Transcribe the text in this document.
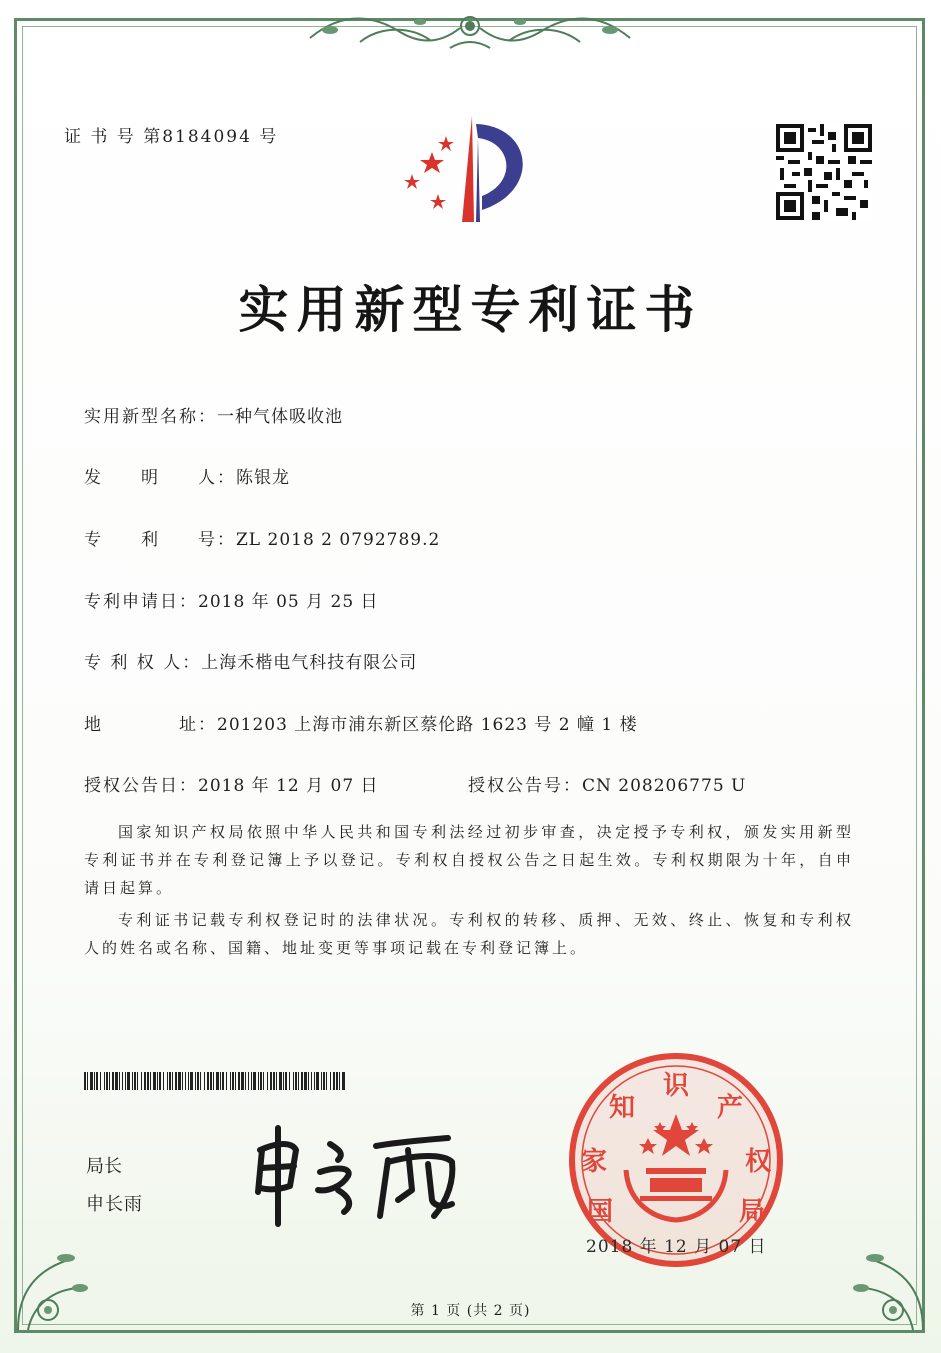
证 书 号 第8184094 号
实用新型专利证书
实用新型名称：一种气体吸收池
发　　明　　人：陈银龙
专　　利　　号：ZL 2018 2 0792789.2
专利申请日：2018 年 05 月 25 日
专 利 权 人：上海禾楷电气科技有限公司
地　　　　址：201203 上海市浦东新区蔡伦路 1623 号 2 幢 1 楼
授权公告日：2018 年 12 月 07 日	授权公告号：CN 208206775 U
国家知识产权局依照中华人民共和国专利法经过初步审查，决定授予专利权，颁发实用新型专利证书并在专利登记簿上予以登记。专利权自授权公告之日起生效。专利权期限为十年，自申请日起算。
专利证书记载专利权登记时的法律状况。专利权的转移、质押、无效、终止、恢复和专利权人的姓名或名称、国籍、地址变更等事项记载在专利登记簿上。
局长
申长雨	国
家
知
识
产
权
局
2018 年 12 月 07 日
第 1 页 (共 2 页)
